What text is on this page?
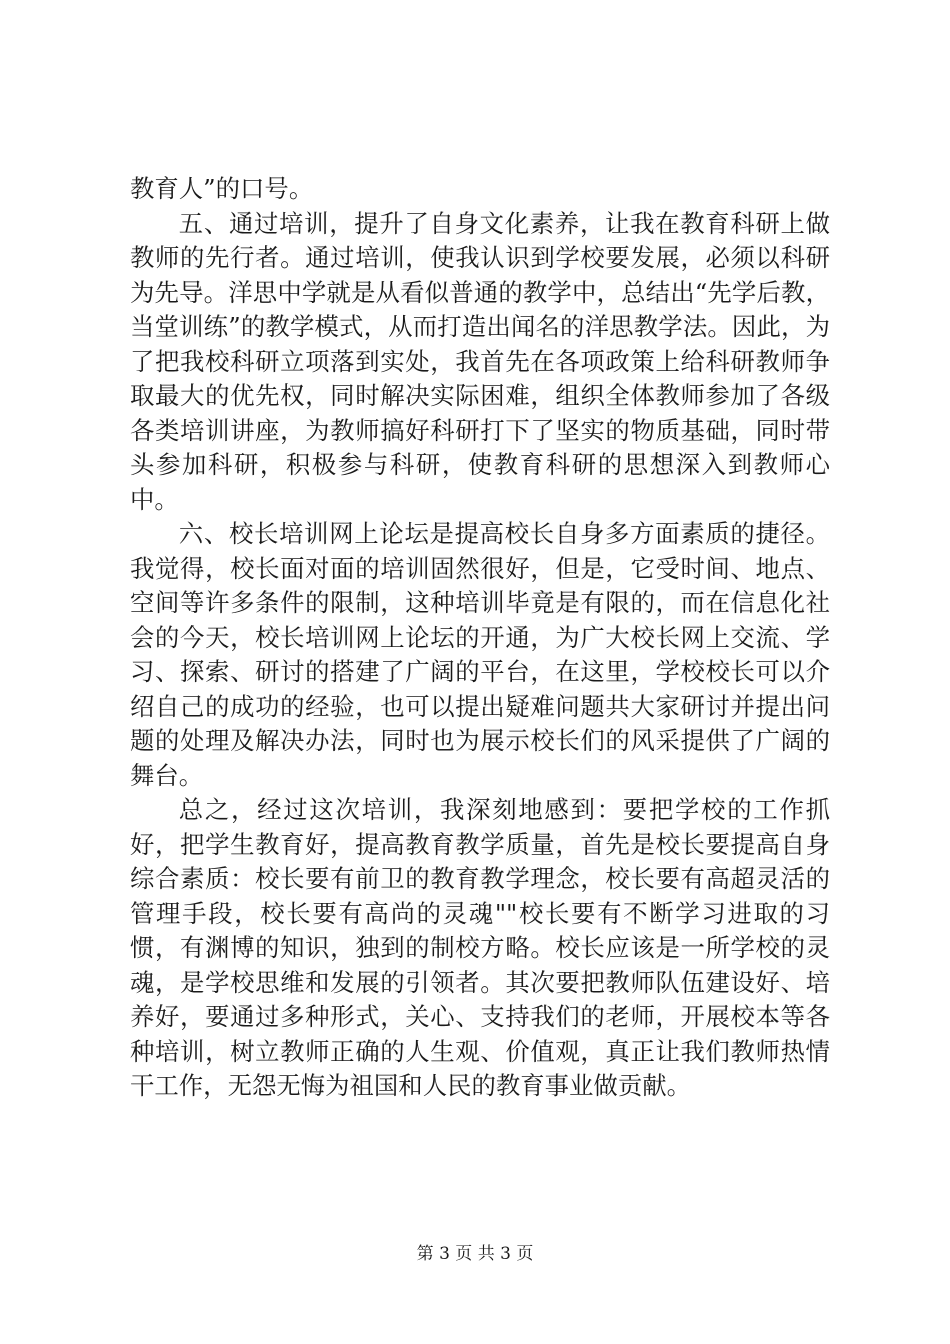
教育人”的口号。

五、通过培训，提升了自身文化素养，让我在教育科研上做教师的先行者。通过培训，使我认识到学校要发展，必须以科研为先导。洋思中学就是从看似普通的教学中，总结出“先学后教，当堂训练”的教学模式，从而打造出闻名的洋思教学法。因此，为了把我校科研立项落到实处，我首先在各项政策上给科研教师争取最大的优先权，同时解决实际困难，组织全体教师参加了各级各类培训讲座，为教师搞好科研打下了坚实的物质基础，同时带头参加科研，积极参与科研，使教育科研的思想深入到教师心中。

六、校长培训网上论坛是提高校长自身多方面素质的捷径。我觉得，校长面对面的培训固然很好，但是，它受时间、地点、空间等许多条件的限制，这种培训毕竟是有限的，而在信息化社会的今天，校长培训网上论坛的开通，为广大校长网上交流、学习、探索、研讨的搭建了广阔的平台，在这里，学校校长可以介绍自己的成功的经验，也可以提出疑难问题共大家研讨并提出问题的处理及解决办法，同时也为展示校长们的风采提供了广阔的舞台。

总之，经过这次培训，我深刻地感到：要把学校的工作抓好，把学生教育好，提高教育教学质量，首先是校长要提高自身综合素质：校长要有前卫的教育教学理念，校长要有高超灵活的管理手段，校长要有高尚的灵魂""校长要有不断学习进取的习惯，有渊博的知识，独到的制校方略。校长应该是一所学校的灵魂，是学校思维和发展的引领者。其次要把教师队伍建设好、培养好，要通过多种形式，关心、支持我们的老师，开展校本等各种培训，树立教师正确的人生观、价值观，真正让我们教师热情干工作，无怨无悔为祖国和人民的教育事业做贡献。

第 3 页 共 3 页
